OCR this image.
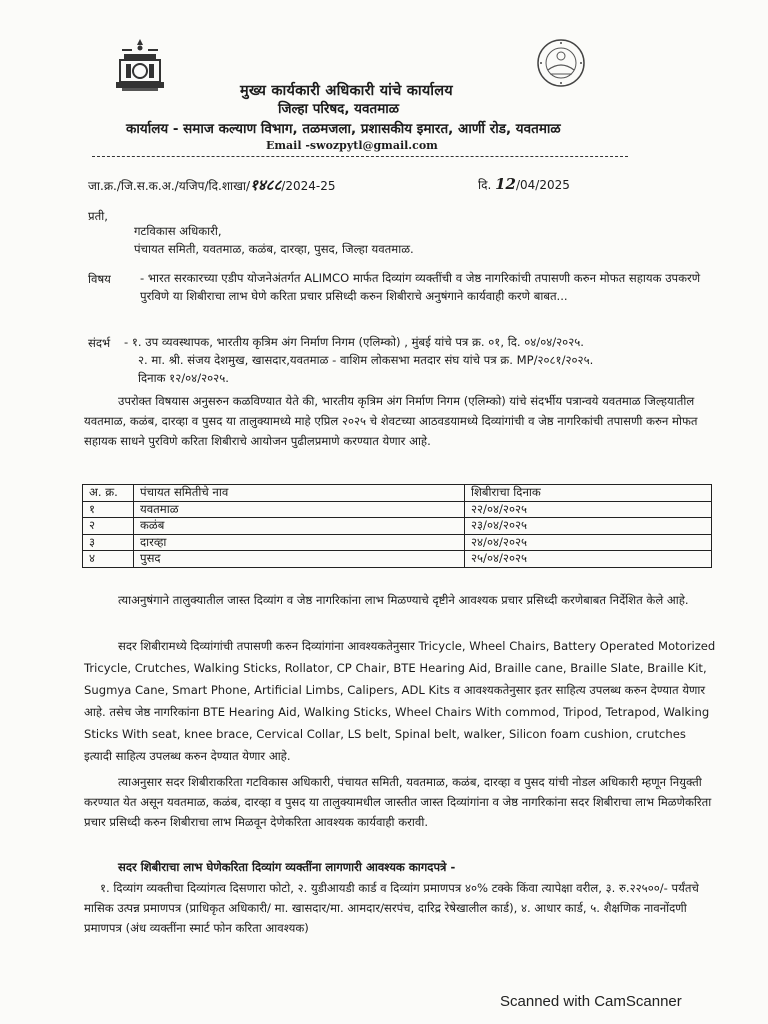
मुख्य कार्यकारी अधिकारी यांचे कार्यालय
जिल्हा परिषद, यवतमाळ
कार्यालय - समाज कल्याण विभाग, तळमजला, प्रशासकीय इमारत, आर्णी रोड, यवतमाळ
Email -swozpytl@gmail.com
जा.क्र./जि.स.क.अ./यजिप/दि.शाखा/१४८८/2024-25	दि. 12/04/2025
प्रती,
गटविकास अधिकारी,
पंचायत समिती, यवतमाळ, कळंब, दारव्हा, पुसद, जिल्हा यवतमाळ.
विषय	- भारत सरकारच्या एडीप योजनेअंतर्गत ALIMCO मार्फत दिव्यांग व्यक्तींची व जेष्ठ नागरिकांची तपासणी करुन मोफत सहायक उपकरणे पुरविणे या शिबीराचा लाभ घेणे करिता प्रचार प्रसिध्दी करुन शिबीराचे अनुषंगाने कार्यवाही करणे बाबत...
संदर्भ - १. उप व्यवस्थापक, भारतीय कृत्रिम अंग निर्माण निगम (एलिम्को) , मुंबई यांचे पत्र क्र. ०१, दि. ०४/०४/२०२५.
२. मा. श्री. संजय देशमुख, खासदार,यवतमाळ - वाशिम लोकसभा मतदार संघ यांचे पत्र क्र. MP/२०८१/२०२५.
दिनाक १२/०४/२०२५.
उपरोक्त विषयास अनुसरुन कळविण्यात येते की, भारतीय कृत्रिम अंग निर्माण निगम (एलिम्को) यांचे संदर्भीय पत्रान्वये यवतमाळ जिल्हयातील यवतमाळ, कळंब, दारव्हा व पुसद या तालुक्यामध्ये माहे एप्रिल २०२५ चे शेवटच्या आठवडयामध्ये दिव्यांगांची व जेष्ठ नागरिकांची तपासणी करुन मोफत सहायक साधने पुरविणे करिता शिबीराचे आयोजन पुढीलप्रमाणे करण्यात येणार आहे.
अ. क्र.	पंचायत समितीचे नाव	शिबीराचा दिनाक
१	यवतमाळ	२२/०४/२०२५
२	कळंब	२३/०४/२०२५
३	दारव्हा	२४/०४/२०२५
४	पुसद	२५/०४/२०२५
त्याअनुषंगाने तालुक्यातील जास्त दिव्यांग व जेष्ठ नागरिकांना लाभ मिळण्याचे दृष्टीने आवश्यक प्रचार प्रसिध्दी करणेबाबत निर्देशित केले आहे.
सदर शिबीरामध्ये दिव्यांगांची तपासणी करुन दिव्यांगांना आवश्यकतेनुसार Tricycle, Wheel Chairs, Battery Operated Motorized Tricycle, Crutches, Walking Sticks, Rollator, CP Chair, BTE Hearing Aid, Braille cane, Braille Slate, Braille Kit, Sugmya Cane, Smart Phone, Artificial Limbs, Calipers, ADL Kits व आवश्यकतेनुसार इतर साहित्य उपलब्ध करुन देण्यात येणार आहे. तसेच जेष्ठ नागरिकांना BTE Hearing Aid, Walking Sticks, Wheel Chairs With commod, Tripod, Tetrapod, Walking Sticks With seat, knee brace, Cervical Collar, LS belt, Spinal belt, walker, Silicon foam cushion, crutches इत्यादी साहित्य उपलब्ध करुन देण्यात येणार आहे.
त्याअनुसार सदर शिबीराकरिता गटविकास अधिकारी, पंचायत समिती, यवतमाळ, कळंब, दारव्हा व पुसद यांची नोडल अधिकारी म्हणून नियुक्ती करण्यात येत असून यवतमाळ, कळंब, दारव्हा व पुसद या तालुक्यामधील जास्तीत जास्त दिव्यांगांना व जेष्ठ नागरिकांना सदर शिबीराचा लाभ मिळणेकरिता प्रचार प्रसिध्दी करुन शिबीराचा लाभ मिळवून देणेकरिता आवश्यक कार्यवाही करावी.
सदर शिबीराचा लाभ घेणेकरिता दिव्यांग व्यक्तींना लागणारी आवश्यक कागदपत्रे -
१. दिव्यांग व्यक्तीचा दिव्यांगत्व दिसणारा फोटो, २. युडीआयडी कार्ड व दिव्यांग प्रमाणपत्र ४०% टक्के किंवा त्यापेक्षा वरील, ३. रु.२२५००/- पर्यंतचे मासिक उत्पन्न प्रमाणपत्र (प्राधिकृत अधिकारी/ मा. खासदार/मा. आमदार/सरपंच, दारिद्र रेषेखालील कार्ड), ४. आधार कार्ड, ५. शैक्षणिक नावनोंदणी प्रमाणपत्र (अंध व्यक्तींना स्मार्ट फोन करिता आवश्यक)
Scanned with CamScanner
